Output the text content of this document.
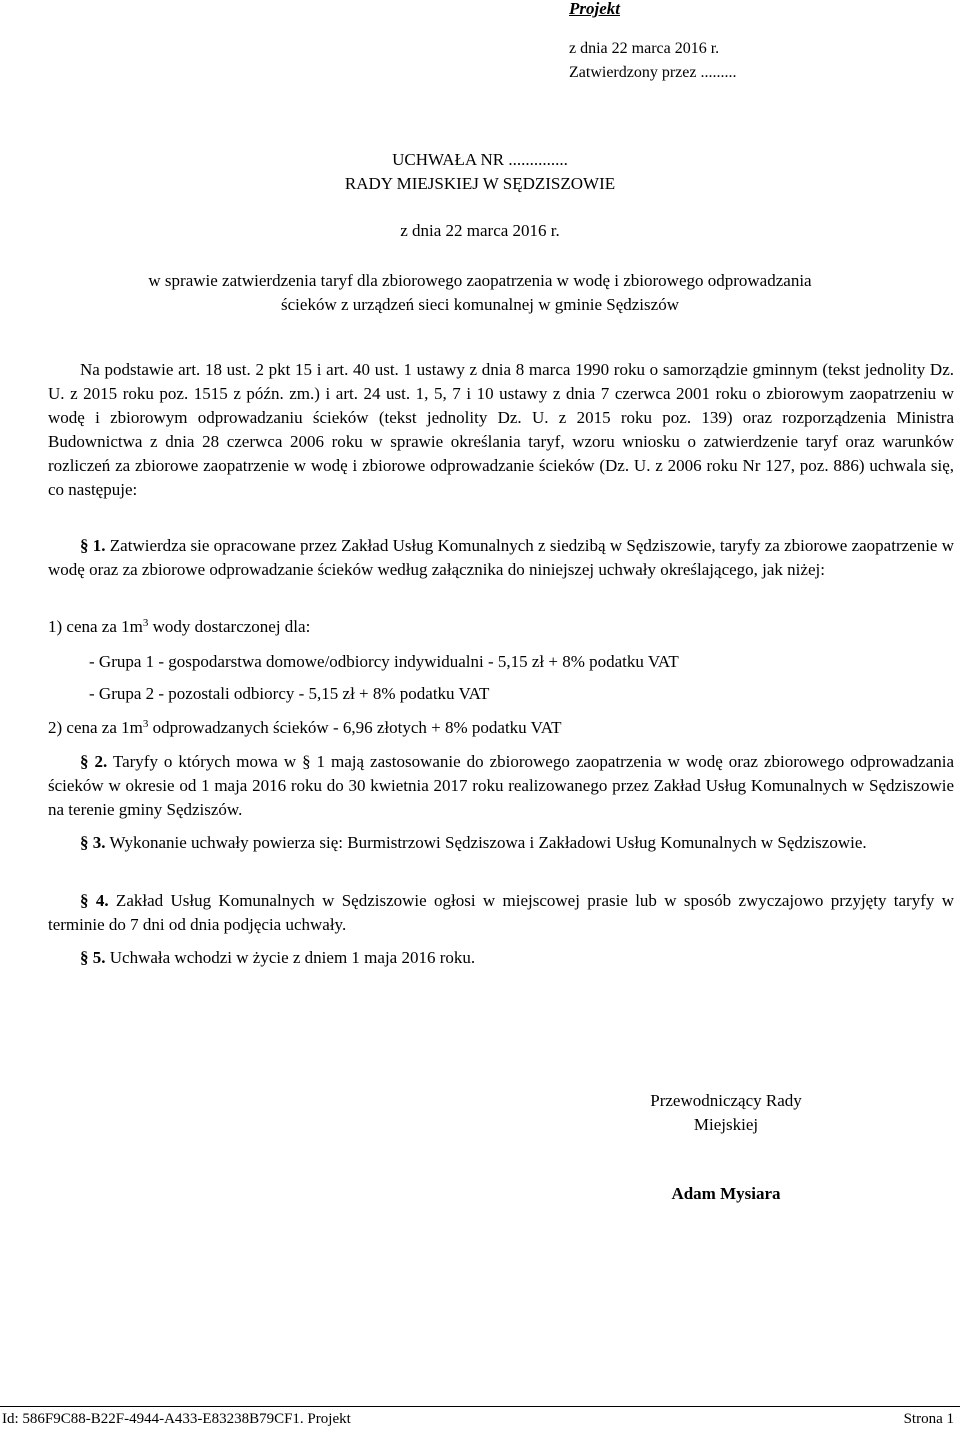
Projekt
z dnia 22 marca 2016 r.
Zatwierdzony przez .........
UCHWAŁA NR ..............
RADY MIEJSKIEJ W SĘDZISZOWIE
z dnia 22 marca 2016 r.
w sprawie zatwierdzenia taryf dla zbiorowego zaopatrzenia w wodę i zbiorowego odprowadzania
ścieków z urządzeń sieci komunalnej w gminie Sędziszów
Na podstawie art. 18 ust. 2 pkt 15 i art. 40 ust. 1 ustawy z dnia 8 marca 1990 roku o samorządzie gminnym (tekst jednolity Dz. U. z 2015 roku poz. 1515 z późn. zm.) i art. 24 ust. 1, 5, 7 i 10 ustawy z dnia 7 czerwca 2001 roku o zbiorowym zaopatrzeniu w wodę i zbiorowym odprowadzaniu ścieków (tekst jednolity Dz. U. z 2015 roku poz. 139) oraz rozporządzenia Ministra Budownictwa z dnia 28 czerwca 2006 roku w sprawie określania taryf, wzoru wniosku o zatwierdzenie taryf oraz warunków rozliczeń za zbiorowe zaopatrzenie w wodę i zbiorowe odprowadzanie ścieków (Dz. U. z 2006 roku Nr 127, poz. 886) uchwala się, co następuje:
§ 1. Zatwierdza sie opracowane przez Zakład Usług Komunalnych z siedzibą w Sędziszowie, taryfy za zbiorowe zaopatrzenie w wodę oraz za zbiorowe odprowadzanie ścieków według załącznika do niniejszej uchwały określającego, jak niżej:
1) cena za $1m^3$ wody dostarczonej dla:
- Grupa 1 - gospodarstwa domowe/odbiorcy indywidualni - 5,15 zł + 8% podatku VAT
- Grupa 2 - pozostali odbiorcy - 5,15 zł + 8% podatku VAT
2) cena za $1m^3$ odprowadzanych ścieków - 6,96 złotych + 8% podatku VAT
§ 2. Taryfy o których mowa w § 1 mają zastosowanie do zbiorowego zaopatrzenia w wodę oraz zbiorowego odprowadzania ścieków w okresie od 1 maja 2016 roku do 30 kwietnia 2017 roku realizowanego przez Zakład Usług Komunalnych w Sędziszowie na terenie gminy Sędziszów.
§ 3. Wykonanie uchwały powierza się: Burmistrzowi Sędziszowa i Zakładowi Usług Komunalnych w Sędziszowie.
§ 4. Zakład Usług Komunalnych w Sędziszowie ogłosi w miejscowej prasie lub w sposób zwyczajowo przyjęty taryfy w terminie do 7 dni od dnia podjęcia uchwały.
§ 5. Uchwała wchodzi w życie z dniem 1 maja 2016 roku.
Przewodniczący Rady
Miejskiej
Adam Mysiara
Id: 586F9C88-B22F-4944-A433-E83238B79CF1. Projekt	Strona 1
